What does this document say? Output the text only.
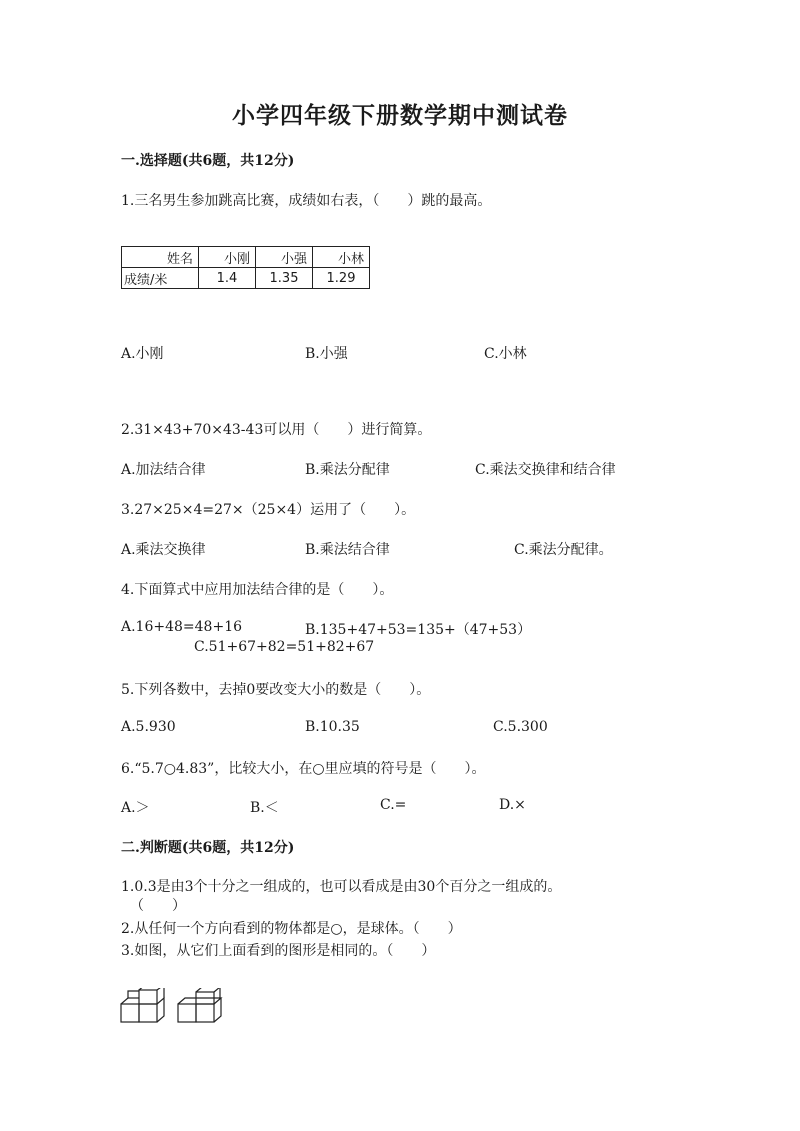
小学四年级下册数学期中测试卷
一.选择题(共6题，共12分)
1.三名男生参加跳高比赛，成绩如右表，（　　）跳的最高。
姓名	小刚	小强	小林
成绩/米	1.4	1.35	1.29
A.小刚	B.小强	C.小林
2.31×43+70×43-43可以用（　　）进行简算。
A.加法结合律	B.乘法分配律	C.乘法交换律和结合律
3.27×25×4=27×（25×4）运用了（　　）。
A.乘法交换律	B.乘法结合律	C.乘法分配律。
4.下面算式中应用加法结合律的是（　　）。
A.16+48=48+16	B.135+47+53=135+（47+53）
C.51+67+82=51+82+67
5.下列各数中，去掉0要改变大小的数是（　　）。
A.5.930	B.10.35	C.5.300
6.“5.7○4.83”，比较大小，在○里应填的符号是（　　）。
A.＞	B.＜	C.=	D.×
二.判断题(共6题，共12分)
1.0.3是由3个十分之一组成的，也可以看成是由30个百分之一组成的。
（　　）
2.从任何一个方向看到的物体都是○，是球体。（　　）
3.如图，从它们上面看到的图形是相同的。（　　）
